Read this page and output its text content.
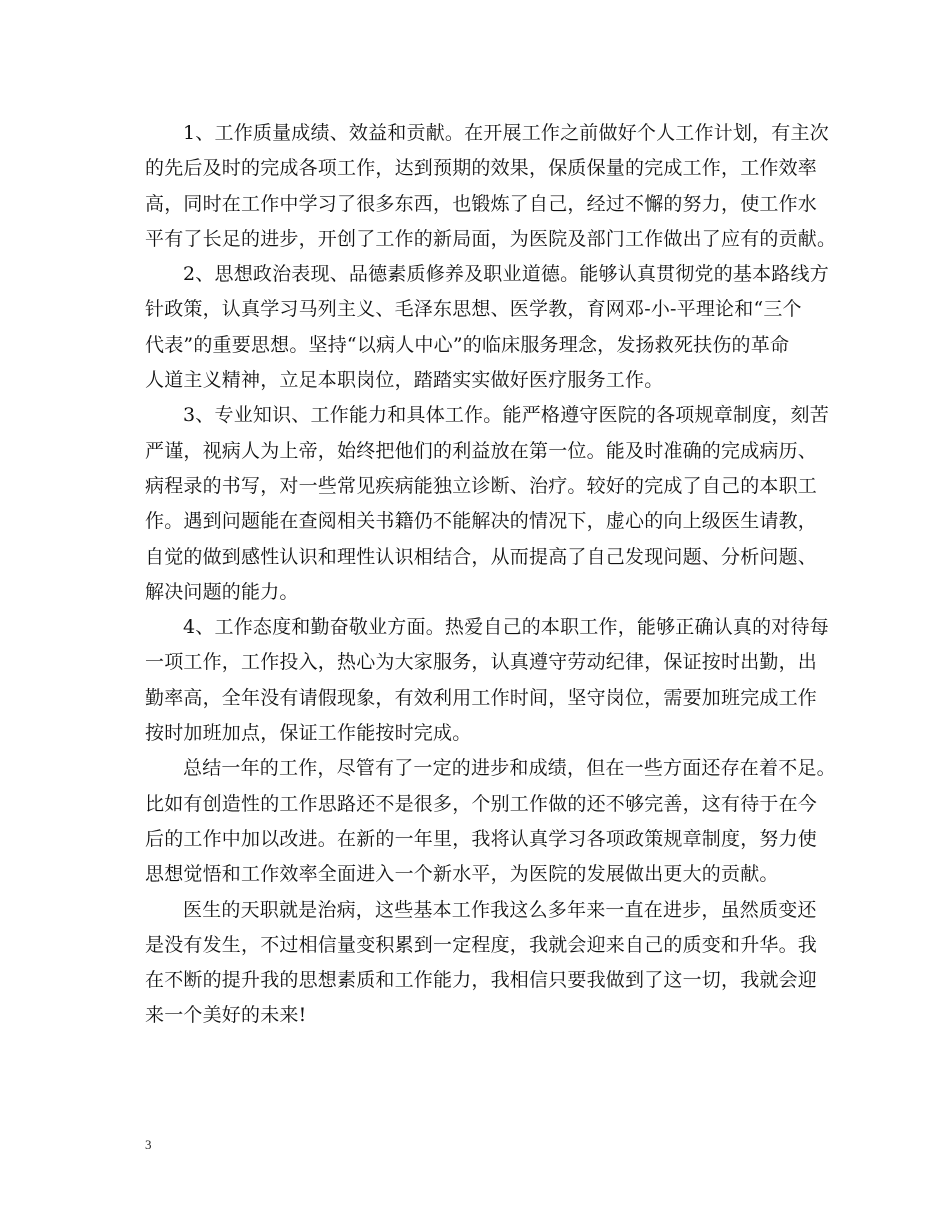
1、工作质量成绩、效益和贡献。在开展工作之前做好个人工作计划，有主次
的先后及时的完成各项工作，达到预期的效果，保质保量的完成工作，工作效率
高，同时在工作中学习了很多东西，也锻炼了自己，经过不懈的努力，使工作水
平有了长足的进步，开创了工作的新局面，为医院及部门工作做出了应有的贡献。

2、思想政治表现、品德素质修养及职业道德。能够认真贯彻党的基本路线方
针政策，认真学习马列主义、毛泽东思想、医学教，育网邓-小-平理论和“三个
代表”的重要思想。坚持“以病人中心”的临床服务理念，发扬救死扶伤的革命
人道主义精神，立足本职岗位，踏踏实实做好医疗服务工作。

3、专业知识、工作能力和具体工作。能严格遵守医院的各项规章制度，刻苦
严谨，视病人为上帝，始终把他们的利益放在第一位。能及时准确的完成病历、
病程录的书写，对一些常见疾病能独立诊断、治疗。较好的完成了自己的本职工
作。遇到问题能在查阅相关书籍仍不能解决的情况下，虚心的向上级医生请教，
自觉的做到感性认识和理性认识相结合，从而提高了自己发现问题、分析问题、
解决问题的能力。

4、工作态度和勤奋敬业方面。热爱自己的本职工作，能够正确认真的对待每
一项工作，工作投入，热心为大家服务，认真遵守劳动纪律，保证按时出勤，出
勤率高，全年没有请假现象，有效利用工作时间，坚守岗位，需要加班完成工作
按时加班加点，保证工作能按时完成。

总结一年的工作，尽管有了一定的进步和成绩，但在一些方面还存在着不足。
比如有创造性的工作思路还不是很多，个别工作做的还不够完善，这有待于在今
后的工作中加以改进。在新的一年里，我将认真学习各项政策规章制度，努力使
思想觉悟和工作效率全面进入一个新水平，为医院的发展做出更大的贡献。

医生的天职就是治病，这些基本工作我这么多年来一直在进步，虽然质变还
是没有发生，不过相信量变积累到一定程度，我就会迎来自己的质变和升华。我
在不断的提升我的思想素质和工作能力，我相信只要我做到了这一切，我就会迎
来一个美好的未来!

3
